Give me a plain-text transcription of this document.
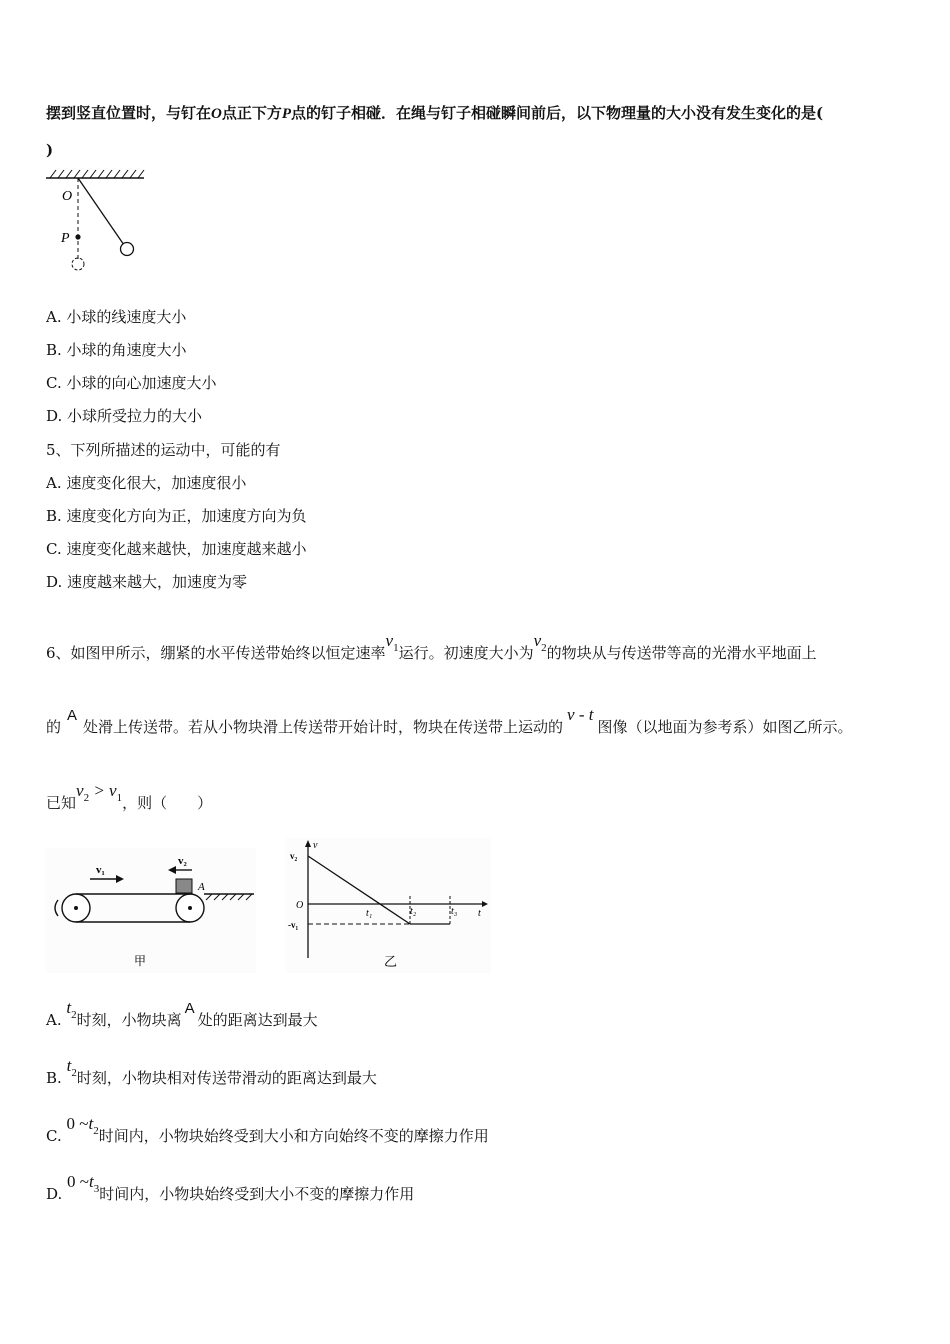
摆到竖直位置时，与钉在O点正下方P点的钉子相碰．在绳与钉子相碰瞬间前后，以下物理量的大小没有发生变化的是(
)
O
P
A. 小球的线速度大小
B. 小球的角速度大小
C. 小球的向心加速度大小
D. 小球所受拉力的大小
5、下列所描述的运动中，可能的有
A. 速度变化很大，加速度很小
B. 速度变化方向为正，加速度方向为负
C. 速度变化越来越快，加速度越来越小
D. 速度越来越大，加速度为零
6、如图甲所示，绷紧的水平传送带始终以恒定速率$v_1$运行。初速度大小为$v_2$的物块从与传送带等高的光滑水平地面上
的A处滑上传送带。若从小物块滑上传送带开始计时，物块在传送带上运动的v - t图像（以地面为参考系）如图乙所示。
已知$v_2 > v_1$，则（　　）
v₁
v₂
A
甲
v
v₂
O
-v₁
t₁	t₂	t₃ t
乙
A. $t_2$时刻，小物块离A处的距离达到最大
B. $t_2$时刻，小物块相对传送带滑动的距离达到最大
C. 0 $\sim t_2$时间内，小物块始终受到大小和方向始终不变的摩擦力作用
D. 0 $\sim t_3$时间内，小物块始终受到大小不变的摩擦力作用
